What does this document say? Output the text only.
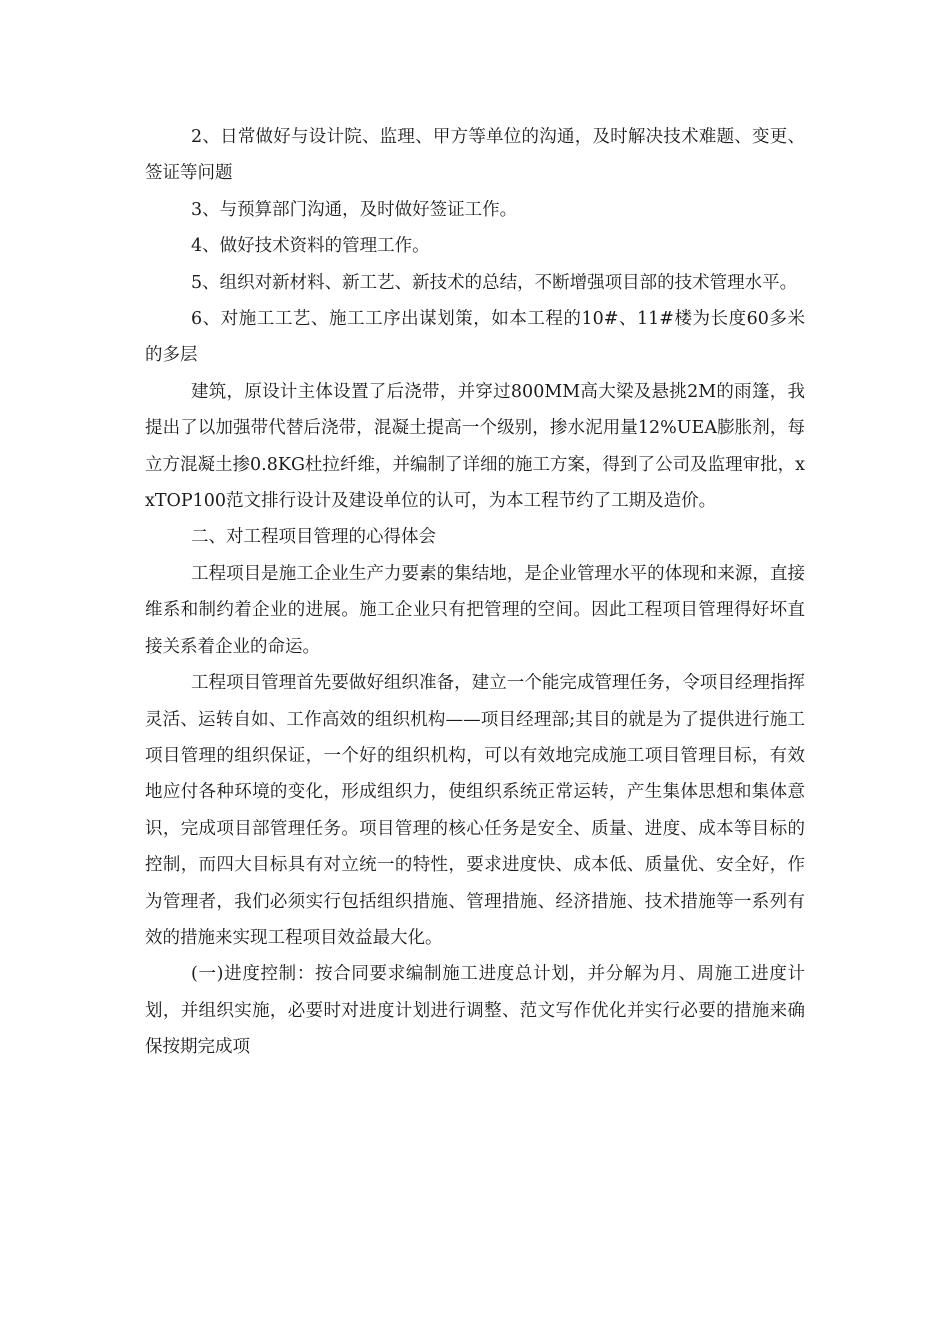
2、日常做好与设计院、监理、甲方等单位的沟通，及时解决技术难题、变更、签证等问题

3、与预算部门沟通，及时做好签证工作。

4、做好技术资料的管理工作。

5、组织对新材料、新工艺、新技术的总结，不断增强项目部的技术管理水平。

6、对施工工艺、施工工序出谋划策，如本工程的10#、11#楼为长度60多米的多层

建筑，原设计主体设置了后浇带，并穿过800MM高大梁及悬挑2M的雨篷，我提出了以加强带代替后浇带，混凝土提高一个级别，掺水泥用量12%UEA膨胀剂，每立方混凝土掺0.8KG杜拉纤维，并编制了详细的施工方案，得到了公司及监理审批，xxTOP100范文排行设计及建设单位的认可，为本工程节约了工期及造价。

二、对工程项目管理的心得体会

工程项目是施工企业生产力要素的集结地，是企业管理水平的体现和来源，直接维系和制约着企业的进展。施工企业只有把管理的空间。因此工程项目管理得好坏直接关系着企业的命运。

工程项目管理首先要做好组织准备，建立一个能完成管理任务，令项目经理指挥灵活、运转自如、工作高效的组织机构——项目经理部;其目的就是为了提供进行施工项目管理的组织保证，一个好的组织机构，可以有效地完成施工项目管理目标，有效地应付各种环境的变化，形成组织力，使组织系统正常运转，产生集体思想和集体意识，完成项目部管理任务。项目管理的核心任务是安全、质量、进度、成本等目标的控制，而四大目标具有对立统一的特性，要求进度快、成本低、质量优、安全好，作为管理者，我们必须实行包括组织措施、管理措施、经济措施、技术措施等一系列有效的措施来实现工程项目效益最大化。

(一)进度控制：按合同要求编制施工进度总计划，并分解为月、周施工进度计划，并组织实施，必要时对进度计划进行调整、范文写作优化并实行必要的措施来确保按期完成项
